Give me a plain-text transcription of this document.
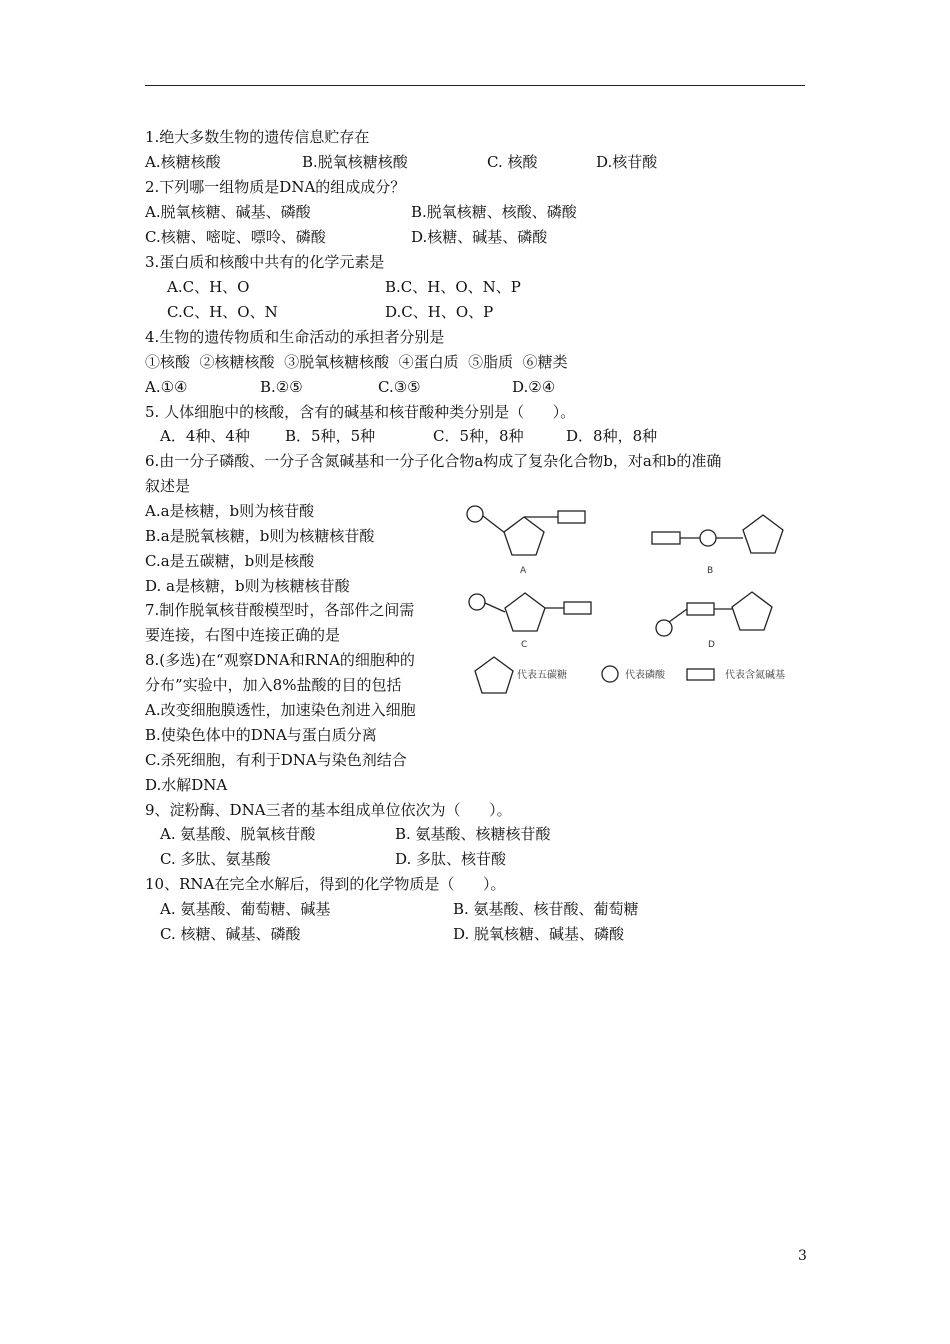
1.绝大多数生物的遗传信息贮存在
A.核糖核酸	B.脱氧核糖核酸	C. 核酸	D.核苷酸
2.下列哪一组物质是DNA的组成成分？
A.脱氧核糖、碱基、磷酸	B.脱氧核糖、核酸、磷酸
C.核糖、嘧啶、嘌呤、磷酸	D.核糖、碱基、磷酸
3.蛋白质和核酸中共有的化学元素是
A.C、H、O	B.C、H、O、N、P
C.C、H、O、N	D.C、H、O、P
4.生物的遗传物质和生命活动的承担者分别是
①核酸  ②核糖核酸  ③脱氧核糖核酸  ④蛋白质  ⑤脂质  ⑥糖类
A.①④	B.②⑤	C.③⑤	D.②④
5. 人体细胞中的核酸，含有的碱基和核苷酸种类分别是（      ）。
A．4种、4种 B．5种，5种	C．5种，8种	D．8种，8种
6.由一分子磷酸、一分子含氮碱基和一分子化合物a构成了复杂化合物b，对a和b的准确
叙述是
A.a是核糖，b则为核苷酸
B.a是脱氧核糖，b则为核糖核苷酸
C.a是五碳糖，b则是核酸
D. a是核糖，b则为核糖核苷酸
7.制作脱氧核苷酸模型时，各部件之间需
要连接，右图中连接正确的是
8.(多选)在“观察DNA和RNA的细胞种的
分布”实验中，加入8%盐酸的目的包括
A.改变细胞膜透性，加速染色剂进入细胞
B.使染色体中的DNA与蛋白质分离
C.杀死细胞，有利于DNA与染色剂结合
D.水解DNA
9、淀粉酶、DNA三者的基本组成单位依次为（      ）。
A. 氨基酸、脱氧核苷酸	B. 氨基酸、核糖核苷酸
C. 多肽、氨基酸	D. 多肽、核苷酸
10、RNA在完全水解后，得到的化学物质是（      ）。
A. 氨基酸、葡萄糖、碱基	B. 氨基酸、核苷酸、葡萄糖
C. 核糖、碱基、磷酸	D. 脱氧核糖、碱基、磷酸
A	B
C	D
代表五碳糖	代表磷酸	代表含氮碱基
3
